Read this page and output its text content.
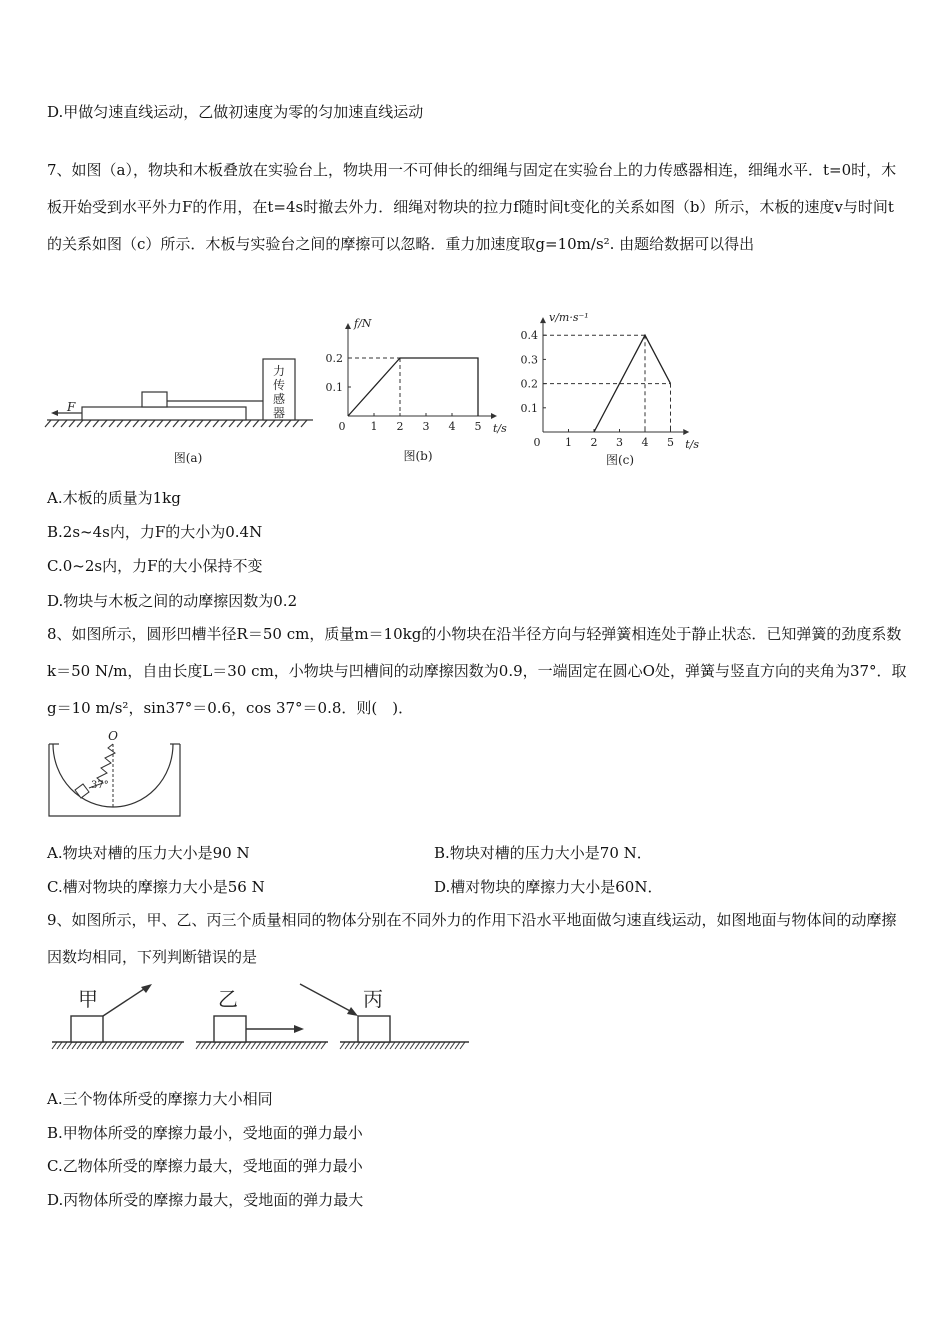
D.甲做匀速直线运动，乙做初速度为零的匀加速直线运动
7、如图（a），物块和木板叠放在实验台上，物块用一不可伸长的细绳与固定在实验台上的力传感器相连，细绳水平．t=0时，木板开始受到水平外力F的作用，在t=4s时撤去外力．细绳对物块的拉力f随时间t变化的关系如图（b）所示，木板的速度v与时间t的关系如图（c）所示．木板与实验台之间的摩擦可以忽略．重力加速度取g=10m/s². 由题给数据可以得出
力
传
感
器
F
图(a)
0 1 2 3 4 5
0.1
0.2
f/N
t/s
图(b)
0 1 2 3 4 5
0.1
0.2
0.3
0.4
v/m·s⁻¹
t/s
图(c)
A.木板的质量为1kg
B.2s~4s内，力F的大小为0.4N
C.0~2s内，力F的大小保持不变
D.物块与木板之间的动摩擦因数为0.2
8、如图所示，圆形凹槽半径R＝50 cm，质量m＝10kg的小物块在沿半径方向与轻弹簧相连处于静止状态．已知弹簧的劲度系数k＝50 N/m，自由长度L＝30 cm，小物块与凹槽间的动摩擦因数为0.9，一端固定在圆心O处，弹簧与竖直方向的夹角为37°．取g＝10 m/s²，sin37°＝0.6，cos 37°＝0.8．则(　)．
O
37°
A.物块对槽的压力大小是90 N	B.物块对槽的压力大小是70 N．
C.槽对物块的摩擦力大小是56 N	D.槽对物块的摩擦力大小是60N．
9、如图所示，甲、乙、丙三个质量相同的物体分别在不同外力的作用下沿水平地面做匀速直线运动，如图地面与物体间的动摩擦因数均相同，下列判断错误的是
甲	乙	丙
A.三个物体所受的摩擦力大小相同
B.甲物体所受的摩擦力最小，受地面的弹力最小
C.乙物体所受的摩擦力最大，受地面的弹力最小
D.丙物体所受的摩擦力最大，受地面的弹力最大
